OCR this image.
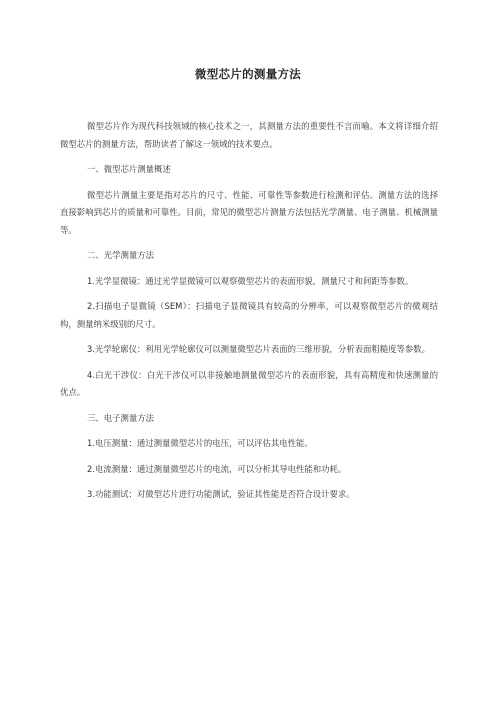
微型芯片的测量方法

微型芯片作为现代科技领域的核心技术之一，其测量方法的重要性不言而喻。本文将详细介绍微型芯片的测量方法，帮助读者了解这一领域的技术要点。

一、微型芯片测量概述

微型芯片测量主要是指对芯片的尺寸、性能、可靠性等参数进行检测和评估。测量方法的选择直接影响到芯片的质量和可靠性。目前，常见的微型芯片测量方法包括光学测量、电子测量、机械测量等。

二、光学测量方法

1.光学显微镜：通过光学显微镜可以观察微型芯片的表面形貌，测量尺寸和间距等参数。

2.扫描电子显微镜（SEM）：扫描电子显微镜具有较高的分辨率，可以观察微型芯片的微观结构，测量纳米级别的尺寸。

3.光学轮廓仪：利用光学轮廓仪可以测量微型芯片表面的三维形貌，分析表面粗糙度等参数。

4.白光干涉仪：白光干涉仪可以非接触地测量微型芯片的表面形貌，具有高精度和快速测量的优点。

三、电子测量方法

1.电压测量：通过测量微型芯片的电压，可以评估其电性能。

2.电流测量：通过测量微型芯片的电流，可以分析其导电性能和功耗。

3.功能测试：对微型芯片进行功能测试，验证其性能是否符合设计要求。
